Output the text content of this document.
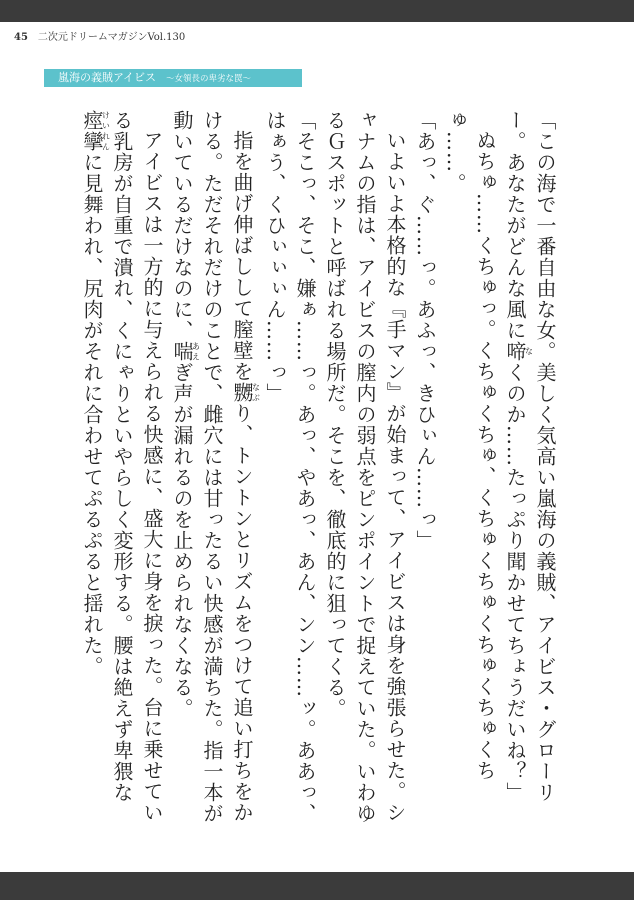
45 二次元ドリームマガジンVol.130
嵐海の義賊アイビス 〜女領長の卑劣な罠〜

「この海で一番自由な女。美しく気高い嵐海の義賊、アイビス・グローリー。あなたがどんな風に啼なくのか……たっぷり聞かせてちょうだいね？」

ぬちゅ……くちゅっ。くちゅくちゅ、くちゅくちゅくちゅくちゅくちゅ……。

「あっ、ぐ……っ。あふっ、きひぃん……っ」

いよいよ本格的な『手マン』が始まって、アイビスは身を強張らせた。シャナムの指は、アイビスの膣内の弱点をピンポイントで捉えていた。いわゆるＧスポットと呼ばれる場所だ。そこを、徹底的に狙ってくる。

「そこっ、そこ、嫌ぁ……っ。あっ、やあっ、あん、ンン……ッ。ああっ、はぁう、くひぃぃぃん……っ」

指を曲げ伸ばしして膣壁を嬲なぶり、トントンとリズムをつけて追い打ちをかける。ただそれだけのことで、雌穴には甘ったるい快感が満ちた。指一本が動いているだけなのに、喘あえぎ声が漏れるのを止められなくなる。

アイビスは一方的に与えられる快感に、盛大に身を捩った。台に乗せている乳房が自重で潰れ、くにゃりといやらしく変形する。腰は絶えず卑猥な痙攣けいれんに見舞われ、尻肉がそれに合わせてぷるぷると揺れた。
